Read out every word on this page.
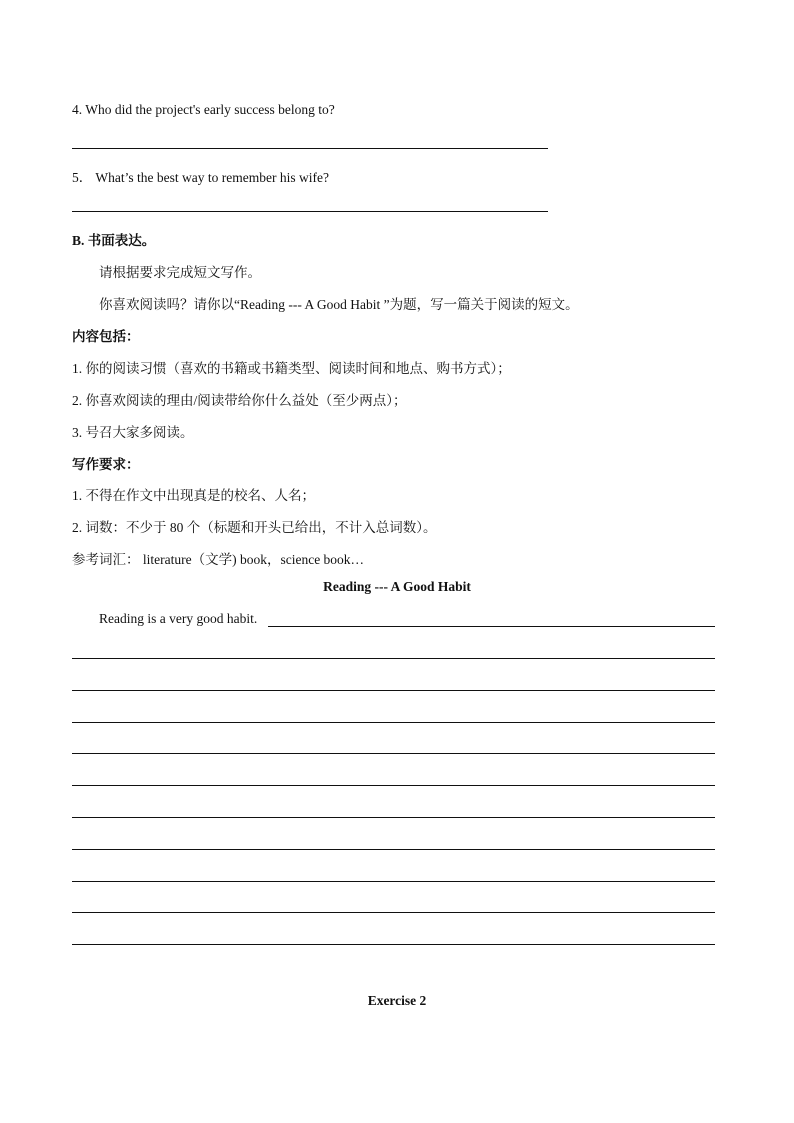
4. Who did the project's early success belong to?
5． What’s the best way to remember his wife?
B. 书面表达。
请根据要求完成短文写作。
你喜欢阅读吗？请你以“Reading --- A Good Habit ”为题，写一篇关于阅读的短文。
内容包括：
1. 你的阅读习惯（喜欢的书籍或书籍类型、阅读时间和地点、购书方式）；
2. 你喜欢阅读的理由/阅读带给你什么益处（至少两点）；
3. 号召大家多阅读。
写作要求：
1. 不得在作文中出现真是的校名、人名；
2. 词数：不少于 80 个（标题和开头已给出，不计入总词数）。
参考词汇： literature（文学) book，science book…
Reading --- A Good Habit
Reading is a very good habit.
Exercise 2
